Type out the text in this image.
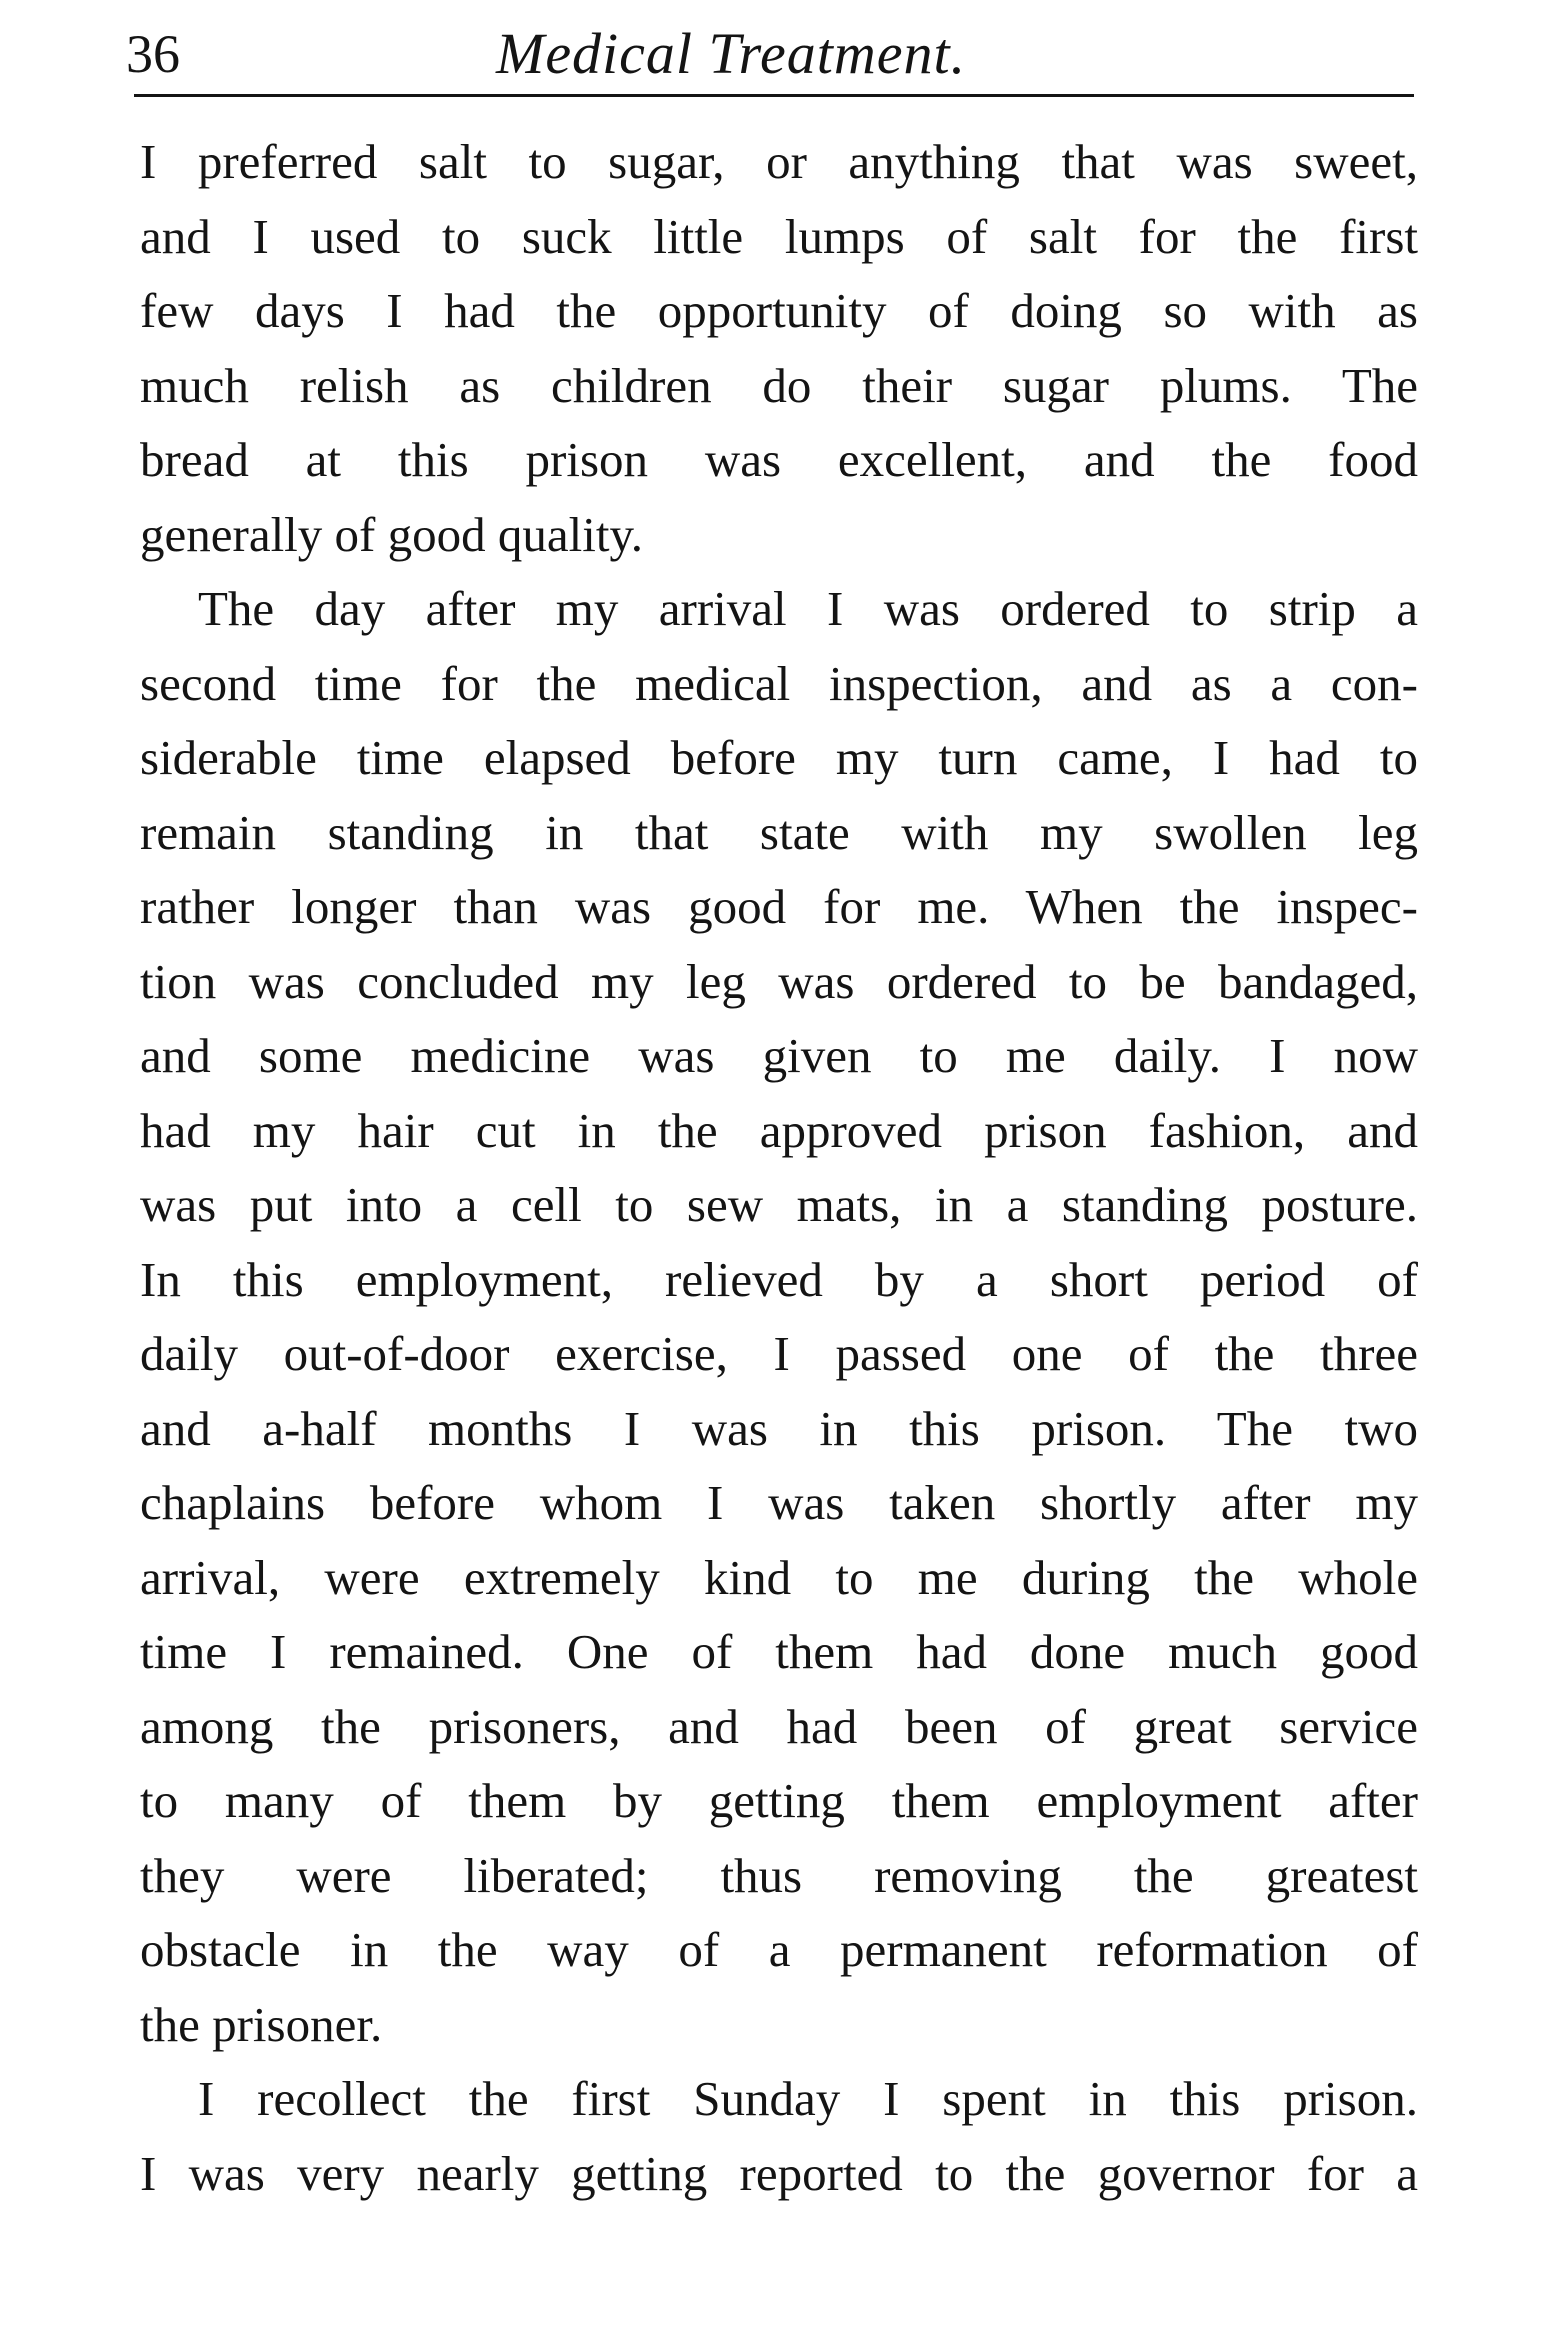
36	Medical Treatment.
I preferred salt to sugar, or anything that was sweet,
and I used to suck little lumps of salt for the first
few days I had the opportunity of doing so with as
much relish as children do their sugar plums. The
bread at this prison was excellent, and the food
generally of good quality.
The day after my arrival I was ordered to strip a
second time for the medical inspection, and as a con-
siderable time elapsed before my turn came, I had to
remain standing in that state with my swollen leg
rather longer than was good for me. When the inspec-
tion was concluded my leg was ordered to be bandaged,
and some medicine was given to me daily. I now
had my hair cut in the approved prison fashion, and
was put into a cell to sew mats, in a standing posture.
In this employment, relieved by a short period of
daily out-of-door exercise, I passed one of the three
and a-half months I was in this prison. The two
chaplains before whom I was taken shortly after my
arrival, were extremely kind to me during the whole
time I remained. One of them had done much good
among the prisoners, and had been of great service
to many of them by getting them employment after
they were liberated; thus removing the greatest
obstacle in the way of a permanent reformation of
the prisoner.
I recollect the first Sunday I spent in this prison.
I was very nearly getting reported to the governor for a
